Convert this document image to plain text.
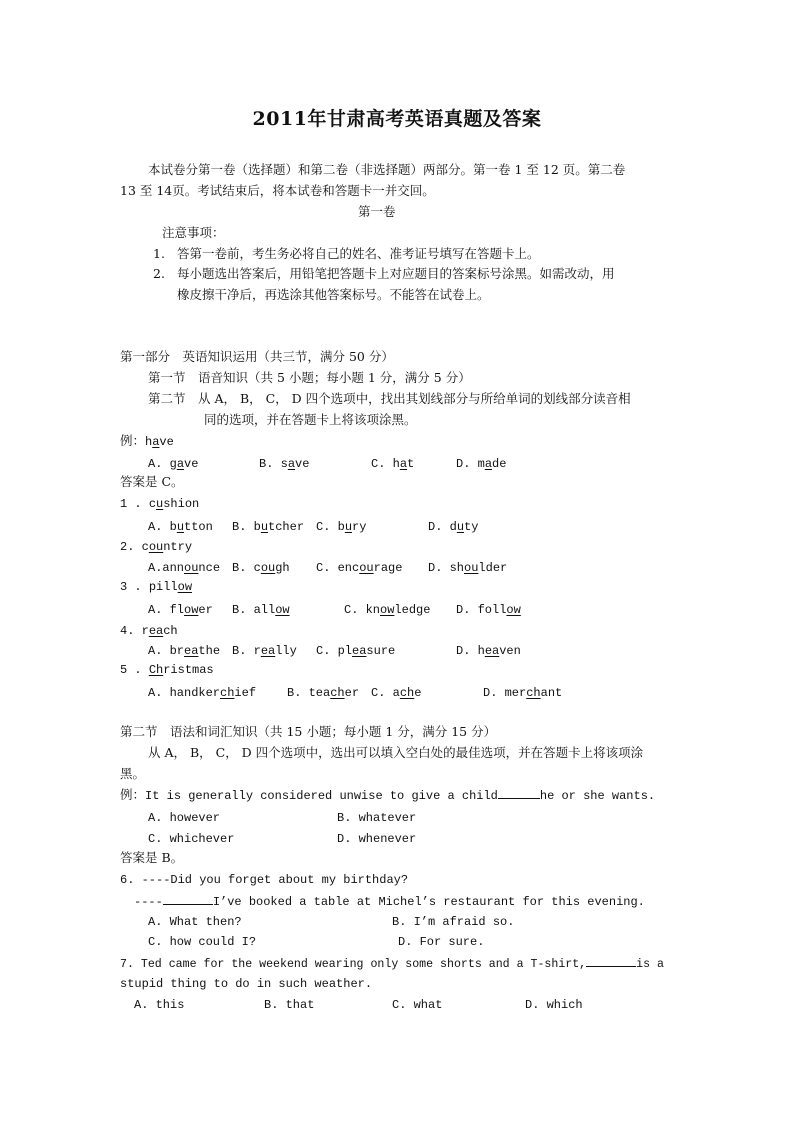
2011年甘肃高考英语真题及答案
本试卷分第一卷（选择题）和第二卷（非选择题）两部分。第一卷 1 至 12 页。第二卷
13 至 14页。考试结束后，将本试卷和答题卡一并交回。
第一卷
注意事项：
1. 答第一卷前，考生务必将自己的姓名、准考证号填写在答题卡上。
2. 每小题选出答案后，用铅笔把答题卡上对应题目的答案标号涂黑。如需改动，用
橡皮擦干净后，再选涂其他答案标号。不能答在试卷上。
第一部分　英语知识运用（共三节，满分 50 分）
第一节　语音知识（共 5 小题；每小题 1 分，满分 5 分）
第二节　从 A， B， C， D 四个选项中，找出其划线部分与所给单词的划线部分读音相
同的选项，并在答题卡上将该项涂黑。
例：have
A. gave	B. save	C. hat	D. made
答案是 C。
1 . cushion
A. button B. butcher C. bury	D. duty
2. country
A.announce B. cough C. encourage D. shoulder
3 . pillow
A. flower B. allow	C. knowledge D. follow
4. reach
A. breathe B. really C. pleasure	D. heaven
5 . Christmas
A. handkerchief	B. teacher C. ache	D. merchant
第二节　语法和词汇知识（共 15 小题；每小题 1 分，满分 15 分）
从 A， B， C， D 四个选项中，选出可以填入空白处的最佳选项，并在答题卡上将该项涂
黑。
例：It is generally considered unwise to give a child	he or she wants.
A. however	B. whatever
C. whichever	D. whenever
答案是 B。
6. ----Did you forget about my birthday?
----	I’ve booked a table at Michel’s restaurant for this evening.
A. What then?	B. I’m afraid so.
C. how could I?	D. For sure.
7. Ted came for the weekend wearing only some shorts and a T-shirt,	is a
stupid thing to do in such weather.
A. this	B. that	C. what	D. which
